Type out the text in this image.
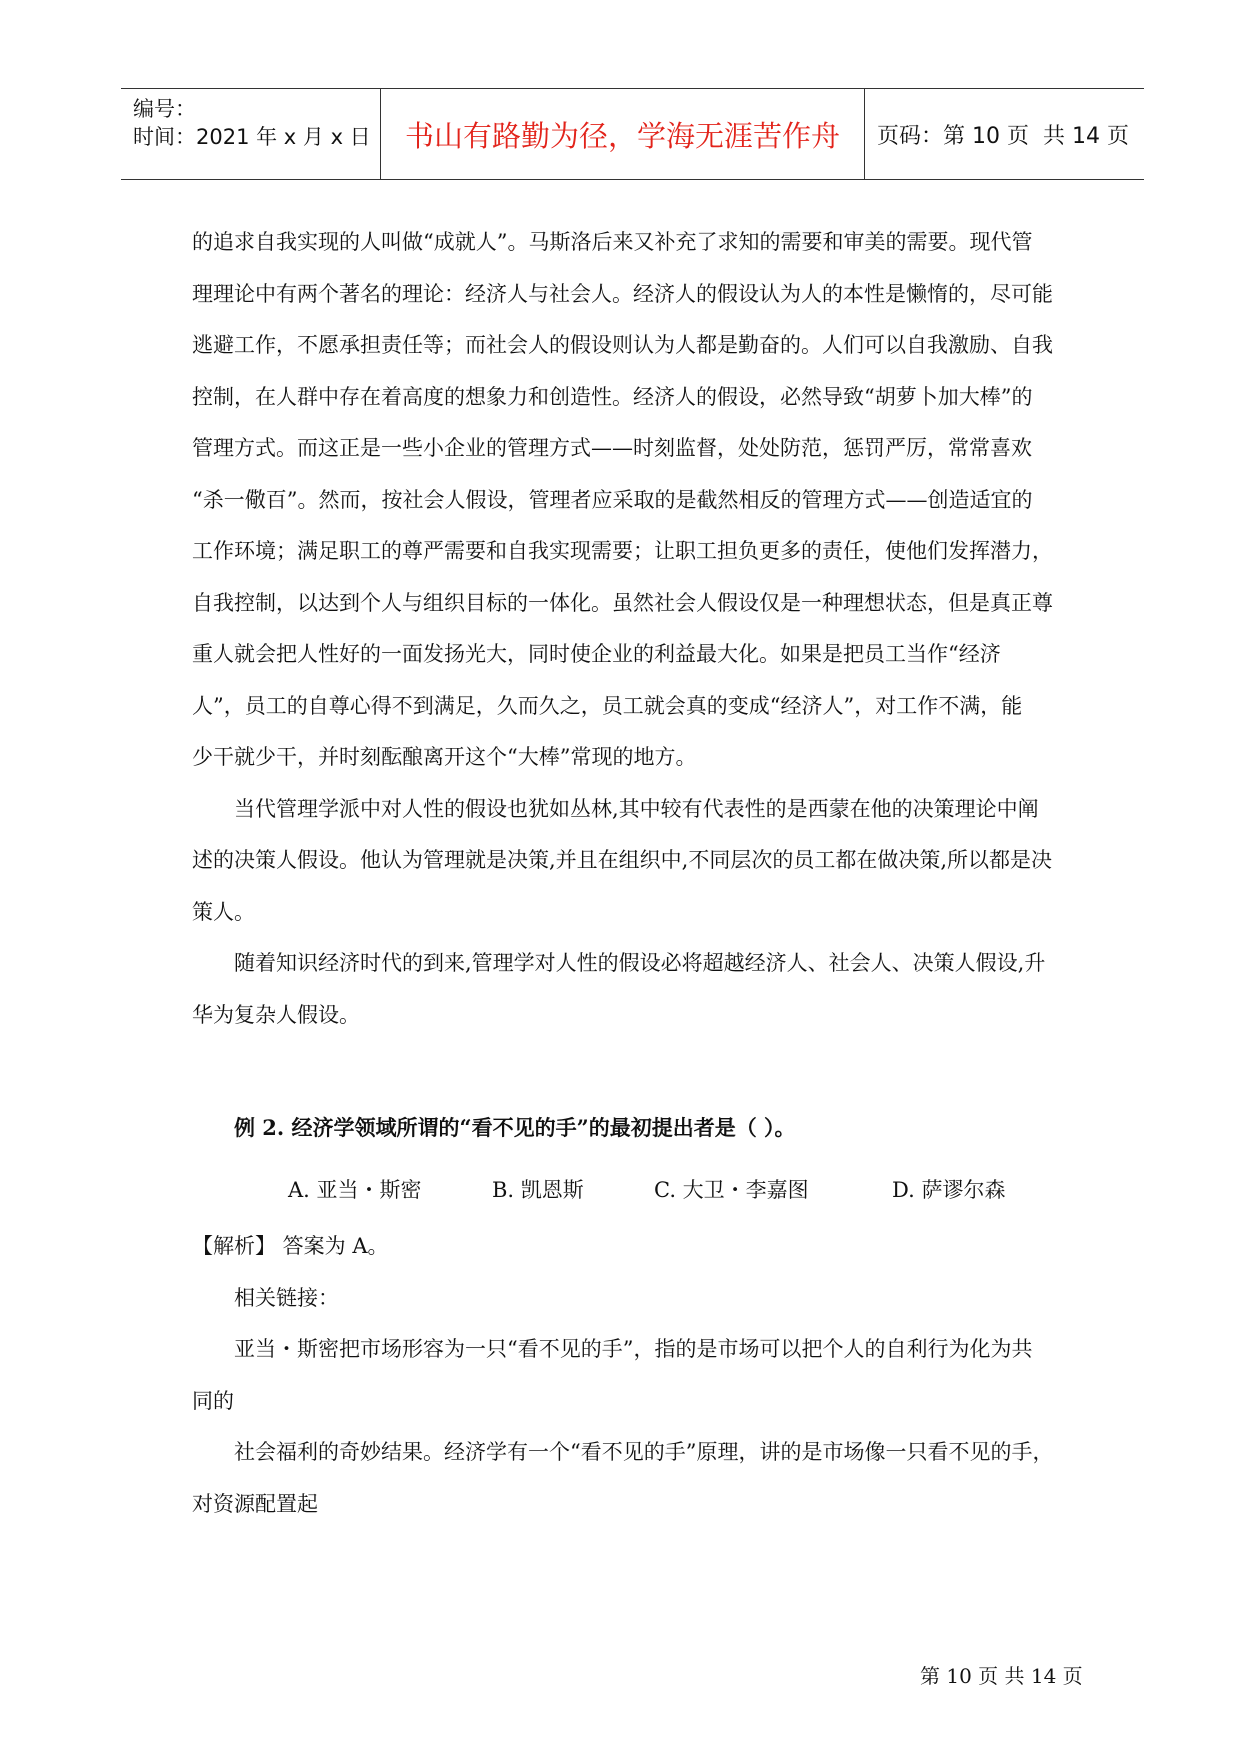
编号：
时间：2021 年 x 月 x 日	书山有路勤为径，学海无涯苦作舟	页码：第 10 页  共 14 页
的追求自我实现的人叫做“成就人”。马斯洛后来又补充了求知的需要和审美的需要。现代管
理理论中有两个著名的理论：经济人与社会人。经济人的假设认为人的本性是懒惰的，尽可能
逃避工作，不愿承担责任等；而社会人的假设则认为人都是勤奋的。人们可以自我激励、自我
控制，在人群中存在着高度的想象力和创造性。经济人的假设，必然导致“胡萝卜加大棒”的
管理方式。而这正是一些小企业的管理方式——时刻监督，处处防范，惩罚严厉，常常喜欢
“杀一儆百”。然而，按社会人假设，管理者应采取的是截然相反的管理方式——创造适宜的
工作环境；满足职工的尊严需要和自我实现需要；让职工担负更多的责任，使他们发挥潜力，
自我控制，以达到个人与组织目标的一体化。虽然社会人假设仅是一种理想状态，但是真正尊
重人就会把人性好的一面发扬光大，同时使企业的利益最大化。如果是把员工当作“经济
人”，员工的自尊心得不到满足，久而久之，员工就会真的变成“经济人”，对工作不满，能
少干就少干，并时刻酝酿离开这个“大棒”常现的地方。
当代管理学派中对人性的假设也犹如丛林,其中较有代表性的是西蒙在他的决策理论中阐
述的决策人假设。他认为管理就是决策,并且在组织中,不同层次的员工都在做决策,所以都是决
策人。
随着知识经济时代的到来,管理学对人性的假设必将超越经济人、社会人、决策人假设,升
华为复杂人假设。
例 2. 经济学领域所谓的“看不见的手”的最初提出者是（ ）。
A. 亚当・斯密	B. 凯恩斯	C. 大卫・李嘉图	D. 萨谬尔森
【解析】 答案为 A。
相关链接：
亚当・斯密把市场形容为一只“看不见的手”，指的是市场可以把个人的自利行为化为共
同的
社会福利的奇妙结果。经济学有一个“看不见的手”原理，讲的是市场像一只看不见的手，
对资源配置起
第 10 页 共 14 页
